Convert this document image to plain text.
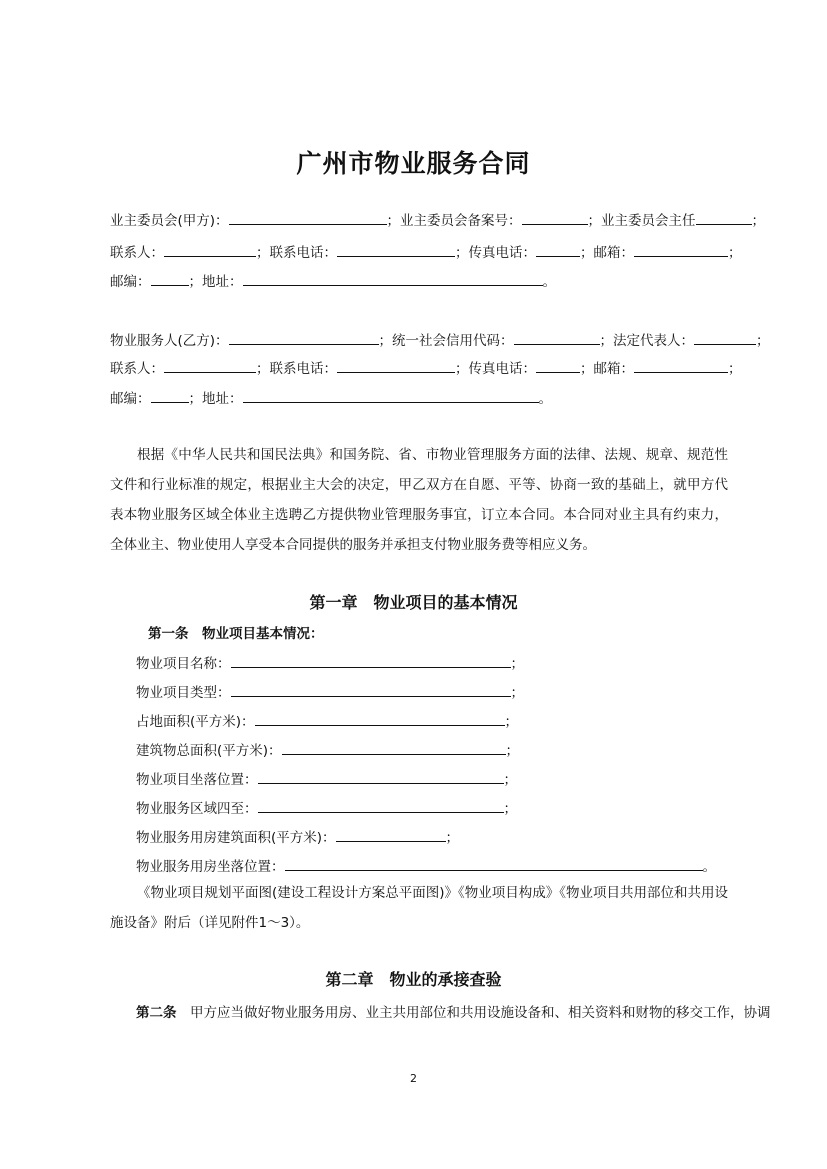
广州市物业服务合同
业主委员会(甲方)：	；业主委员会备案号：	；业主委员会主任	；
联系人：	；联系电话：	；传真电话：	；邮箱：	；
邮编：	；地址：	。
物业服务人(乙方)：	；统一社会信用代码：	；法定代表人：	；
联系人：	；联系电话：	；传真电话：	；邮箱：	；
邮编：	；地址：	。
根据《中华人民共和国民法典》和国务院、省、市物业管理服务方面的法律、法规、规章、规范性文件和行业标准的规定，根据业主大会的决定，甲乙双方在自愿、平等、协商一致的基础上，就甲方代表本物业服务区域全体业主选聘乙方提供物业管理服务事宜，订立本合同。本合同对业主具有约束力，全体业主、物业使用人享受本合同提供的服务并承担支付物业服务费等相应义务。
第一章　物业项目的基本情况
第一条　物业项目基本情况：
物业项目名称：	；
物业项目类型：	；
占地面积(平方米)：	；
建筑物总面积(平方米)：	；
物业项目坐落位置：	；
物业服务区域四至：	；
物业服务用房建筑面积(平方米)：	；
物业服务用房坐落位置：	。
《物业项目规划平面图(建设工程设计方案总平面图)》《物业项目构成》《物业项目共用部位和共用设施设备》附后（详见附件1～3）。
第二章　物业的承接查验
第二条　甲方应当做好物业服务用房、业主共用部位和共用设施设备和、相关资料和财物的移交工作，协调
2
